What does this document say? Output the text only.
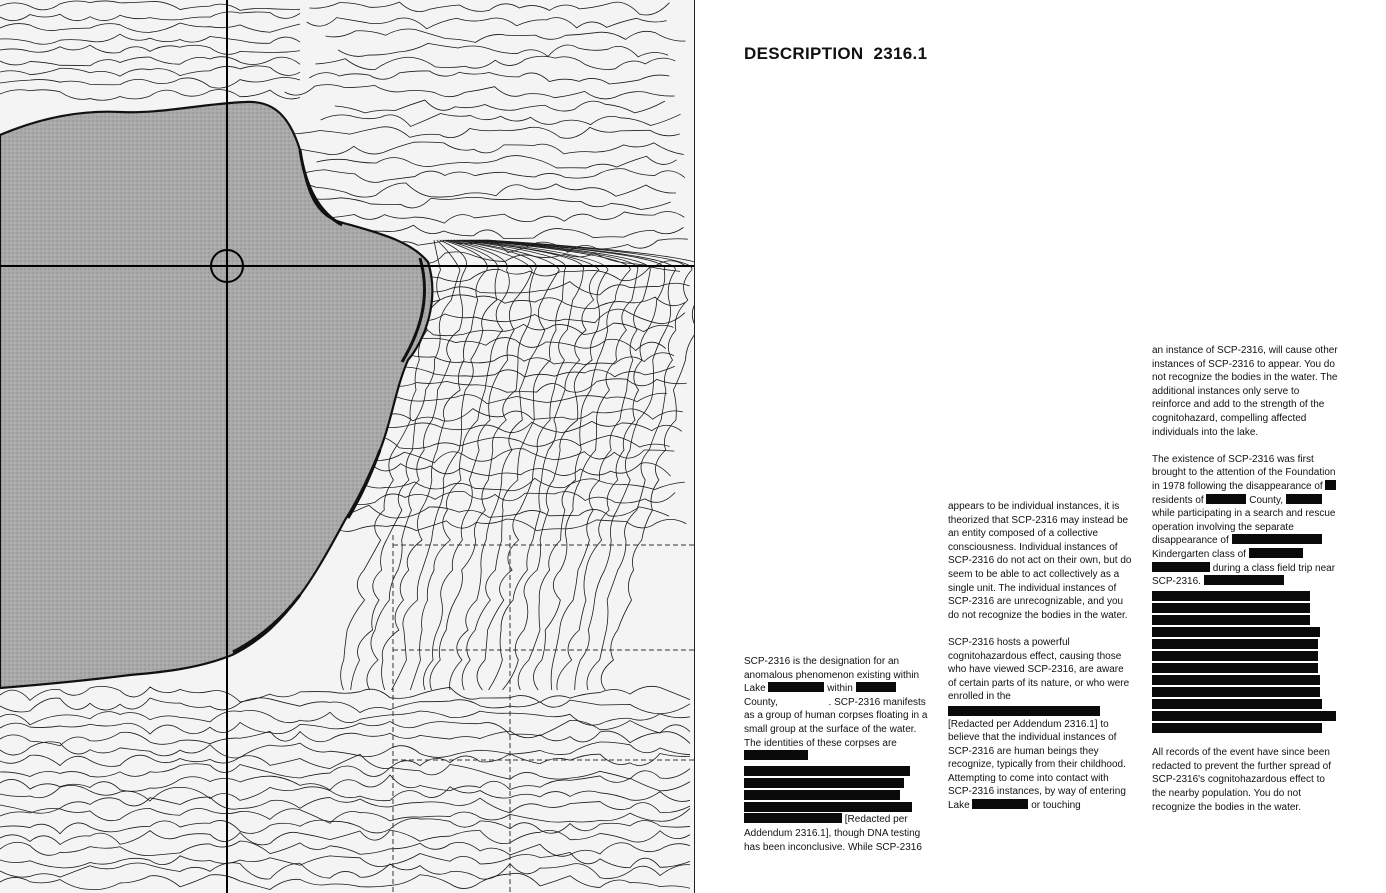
DESCRIPTION  2316.1

SCP-2316 is the designation for an anomalous phenomenon existing within Lake	within  County,	. SCP-2316 manifests as a group of human corpses floating in a small group at the surface of the water. The identities of these corpses are
[Redacted per Addendum 2316.1], though DNA testing has been inconclusive. While SCP-2316

appears to be individual instances, it is theorized that SCP-2316 may instead be an entity composed of a collective consciousness. Individual instances of SCP-2316 do not act on their own, but do seem to be able to act collectively as a single unit. The individual instances of SCP-2316 are unrecognizable, and you do not recognize the bodies in the water.

SCP-2316 hosts a powerful cognitohazardous effect, causing those who have viewed SCP-2316, are aware of certain parts of its nature, or who were enrolled in the
[Redacted per Addendum 2316.1] to believe that the individual instances of SCP-2316 are human beings they recognize, typically from their childhood.
Attempting to come into contact with SCP-2316 instances, by way of entering Lake	or touching

an instance of SCP-2316, will cause other instances of SCP-2316 to appear. You do not recognize the bodies in the water. The additional instances only serve to reinforce and add to the strength of the cognitohazard, compelling affected individuals into the lake.

The existence of SCP-2316 was first brought to the attention of the Foundation in 1978 following the disappearance of  residents of	County,  while participating in a search and rescue operation involving the separate disappearance of  Kindergarten class of   during a class field trip near SCP-2316.

All records of the event have since been redacted to prevent the further spread of SCP-2316's cognitohazardous effect to the nearby population. You do not recognize the bodies in the water.
